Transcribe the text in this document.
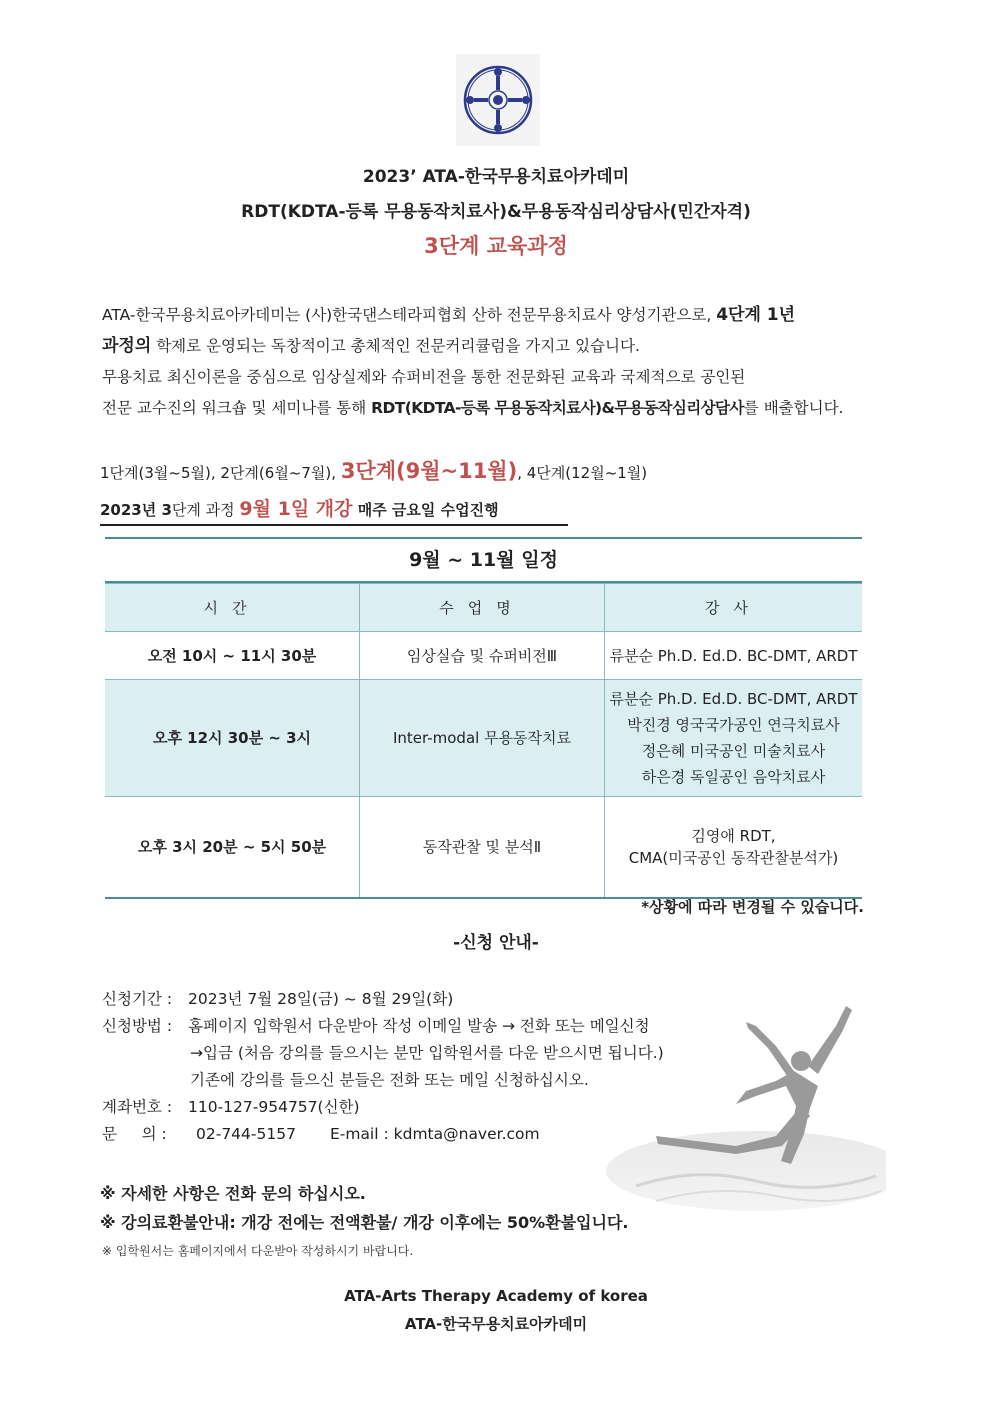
2023’ ATA-한국무용치료아카데미
RDT(KDTA-등록 무용동작치료사)&무용동작심리상담사(민간자격)
3단계 교육과정
ATA-한국무용치료아카데미는 (사)한국댄스테라피협회 산하 전문무용치료사 양성기관으로, 4단계 1년
과정의 학제로 운영되는 독창적이고 총체적인 전문커리큘럼을 가지고 있습니다.
무용치료 최신이론을 중심으로 임상실제와 슈퍼비전을 통한 전문화된 교육과 국제적으로 공인된
전문 교수진의 워크숍 및 세미나를 통해 RDT(KDTA-등록 무용동작치료사)&무용동작심리상담사를 배출합니다.
1단계(3월~5월), 2단계(6월~7월), 3단계(9월~11월), 4단계(12월~1월)
2023년 3단계 과정 9월 1일 개강 매주 금요일 수업진행
9월 ~ 11월 일정
시간	수업명	강사
오전 10시 ~ 11시 30분	임상실습 및 슈퍼비전Ⅲ	류분순 Ph.D. Ed.D. BC-DMT, ARDT
오후 12시 30분 ~ 3시	Inter-modal 무용동작치료	류분순 Ph.D. Ed.D. BC-DMT, ARDT
박진경 영국국가공인 연극치료사
정은혜 미국공인 미술치료사
하은경 독일공인 음악치료사

오후 3시 20분 ~ 5시 50분	동작관찰 및 분석Ⅱ	김영애 RDT,
CMA(미국공인 동작관찰분석가)
*상황에 따라 변경될 수 있습니다.
-신청 안내-
신청기간 :	2023년 7월 28일(금) ~ 8월 29일(화)
신청방법 :	홈페이지 입학원서 다운받아 작성 이메일 발송 → 전화 또는 메일신청
→입금 (처음 강의를 들으시는 분만 입학원서를 다운 받으시면 됩니다.)
기존에 강의를 들으신 분들은 전화 또는 메일 신청하십시오.
계좌번호 :	110-127-954757(신한)
문     의 :	02-744-5157	E-mail : kdmta@naver.com
※ 자세한 사항은 전화 문의 하십시오.
※ 강의료환불안내: 개강 전에는 전액환불/ 개강 이후에는 50%환불입니다.
※ 입학원서는 홈페이지에서 다운받아 작성하시기 바랍니다.
ATA-Arts Therapy Academy of korea
ATA-한국무용치료아카데미
